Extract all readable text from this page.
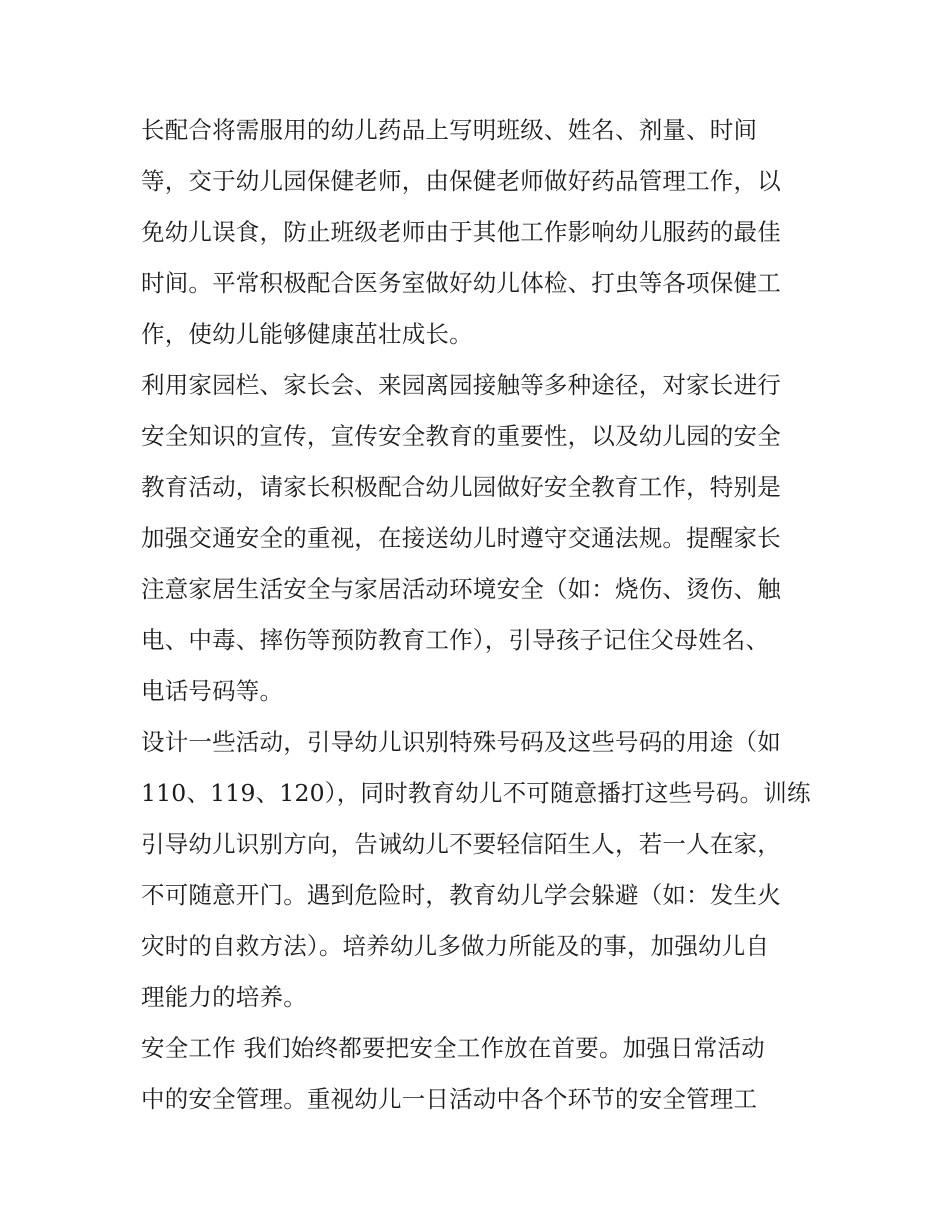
长配合将需服用的幼儿药品上写明班级、姓名、剂量、时间
等，交于幼儿园保健老师，由保健老师做好药品管理工作，以
免幼儿误食，防止班级老师由于其他工作影响幼儿服药的最佳
时间。平常积极配合医务室做好幼儿体检、打虫等各项保健工
作，使幼儿能够健康茁壮成长。
利用家园栏、家长会、来园离园接触等多种途径，对家长进行
安全知识的宣传，宣传安全教育的重要性，以及幼儿园的安全
教育活动，请家长积极配合幼儿园做好安全教育工作，特别是
加强交通安全的重视，在接送幼儿时遵守交通法规。提醒家长
注意家居生活安全与家居活动环境安全（如：烧伤、烫伤、触
电、中毒、摔伤等预防教育工作），引导孩子记住父母姓名、
电话号码等。
设计一些活动，引导幼儿识别特殊号码及这些号码的用途（如
110、119、120），同时教育幼儿不可随意播打这些号码。训练
引导幼儿识别方向，告诫幼儿不要轻信陌生人，若一人在家，
不可随意开门。遇到危险时，教育幼儿学会躲避（如：发生火
灾时的自救方法）。培养幼儿多做力所能及的事，加强幼儿自
理能力的培养。
安全工作 我们始终都要把安全工作放在首要。加强日常活动
中的安全管理。重视幼儿一日活动中各个环节的安全管理工
